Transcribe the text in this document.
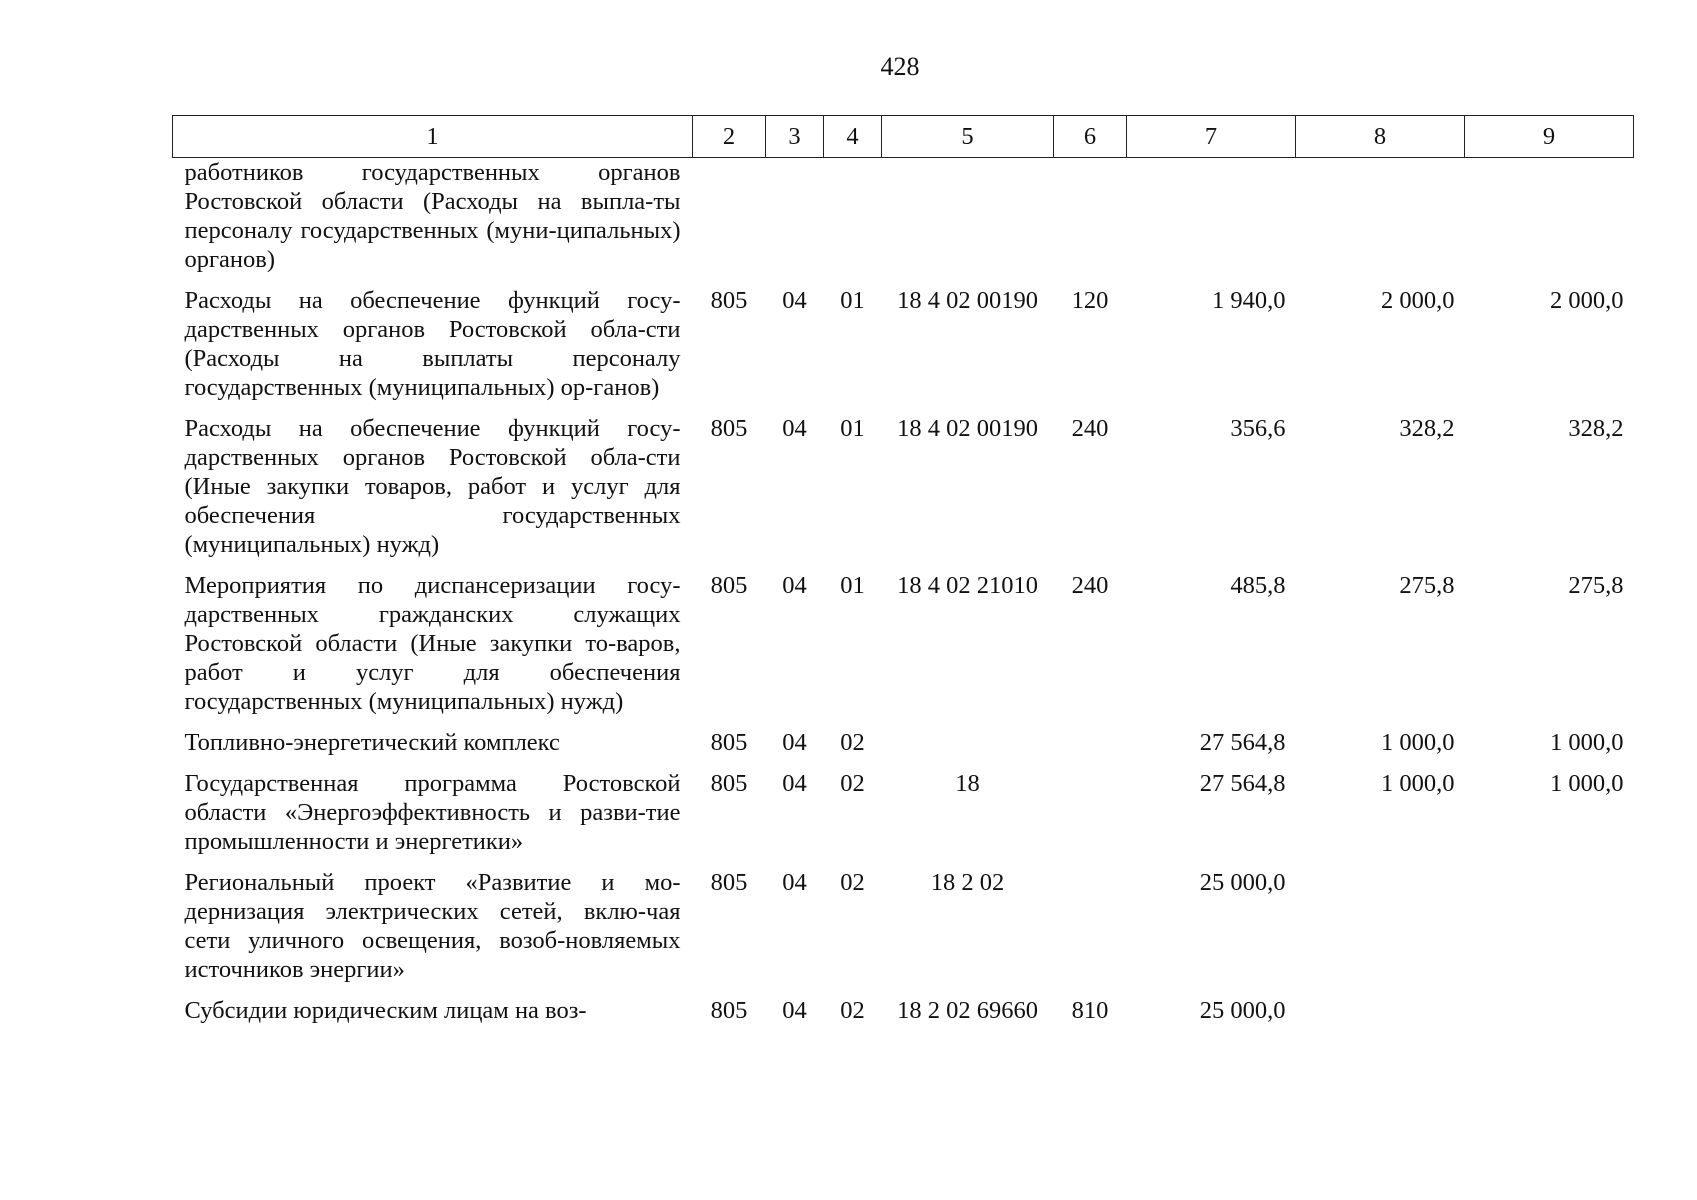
428
1	2	3	4	5	6	7	8	9
работников государственных органов Ростовской области (Расходы на выпла-ты персоналу государственных (муни-ципальных) органов)								
Расходы на обеспечение функций госу-дарственных органов Ростовской обла-сти (Расходы на выплаты персоналу государственных (муниципальных) ор-ганов)	805	04	01	18 4 02 00190	120	1 940,0	2 000,0	2 000,0
Расходы на обеспечение функций госу-дарственных органов Ростовской обла-сти (Иные закупки товаров, работ и услуг для обеспечения государственных (муниципальных) нужд)	805	04	01	18 4 02 00190	240	356,6	328,2	328,2
Мероприятия по диспансеризации госу-дарственных гражданских служащих Ростовской области (Иные закупки то-варов, работ и услуг для обеспечения государственных (муниципальных) нужд)	805	04	01	18 4 02 21010	240	485,8	275,8	275,8
Топливно-энергетический комплекс	805	04	02			27 564,8	1 000,0	1 000,0
Государственная программа Ростовской области «Энергоэффективность и разви-тие промышленности и энергетики»	805	04	02	18		27 564,8	1 000,0	1 000,0
Региональный проект «Развитие и мо-дернизация электрических сетей, вклю-чая сети уличного освещения, возоб-новляемых источников энергии»	805	04	02	18 2 02		25 000,0		
Субсидии юридическим лицам на воз-	805	04	02	18 2 02 69660	810	25 000,0		
